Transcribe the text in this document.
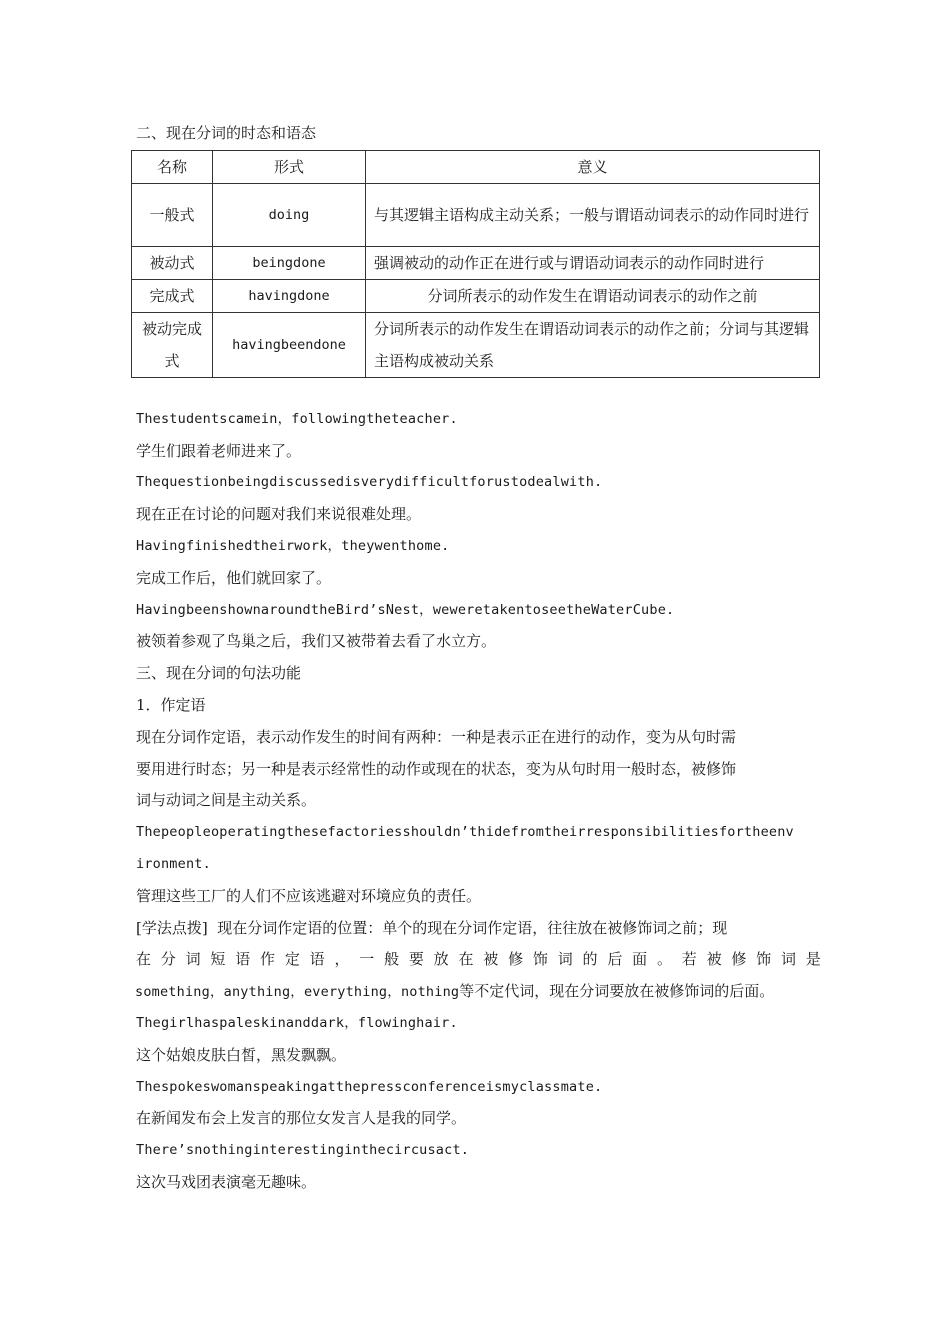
二、现在分词的时态和语态
名称	形式	意义
一般式	doing	与其逻辑主语构成主动关系；一般与谓语动词表示的动作同时进行
被动式	beingdone	强调被动的动作正在进行或与谓语动词表示的动作同时进行
完成式	havingdone	分词所表示的动作发生在谓语动词表示的动作之前
被动完成式	havingbeendone	分词所表示的动作发生在谓语动词表示的动作之前；分词与其逻辑主语构成被动关系
Thestudentscamein，followingtheteacher.
学生们跟着老师进来了。
Thequestionbeingdiscussedisverydifficultforustodealwith.
现在正在讨论的问题对我们来说很难处理。
Havingfinishedtheirwork，theywenthome.
完成工作后，他们就回家了。
HavingbeenshownaroundtheBird’sNest，weweretakentoseetheWaterCube.
被领着参观了鸟巢之后，我们又被带着去看了水立方。
三、现在分词的句法功能
1．作定语
现在分词作定语，表示动作发生的时间有两种：一种是表示正在进行的动作，变为从句时需
要用进行时态；另一种是表示经常性的动作或现在的状态，变为从句时用一般时态，被修饰
词与动词之间是主动关系。
Thepeopleoperatingthesefactoriesshouldn’thidefromtheirresponsibilitiesfortheenv
ironment.
管理这些工厂的人们不应该逃避对环境应负的责任。
[学法点拨] 现在分词作定语的位置：单个的现在分词作定语，往往放在被修饰词之前；现
在分词短语作定语，一般要放在被修饰词的后面。若被修饰词是
something，anything，everything，nothing等不定代词，现在分词要放在被修饰词的后面。
Thegirlhaspaleskinanddark，flowinghair.
这个姑娘皮肤白皙，黑发飘飘。
Thespokeswomanspeakingatthepressconferenceismyclassmate.
在新闻发布会上发言的那位女发言人是我的同学。
There’snothinginterestinginthecircusact.
这次马戏团表演毫无趣味。
